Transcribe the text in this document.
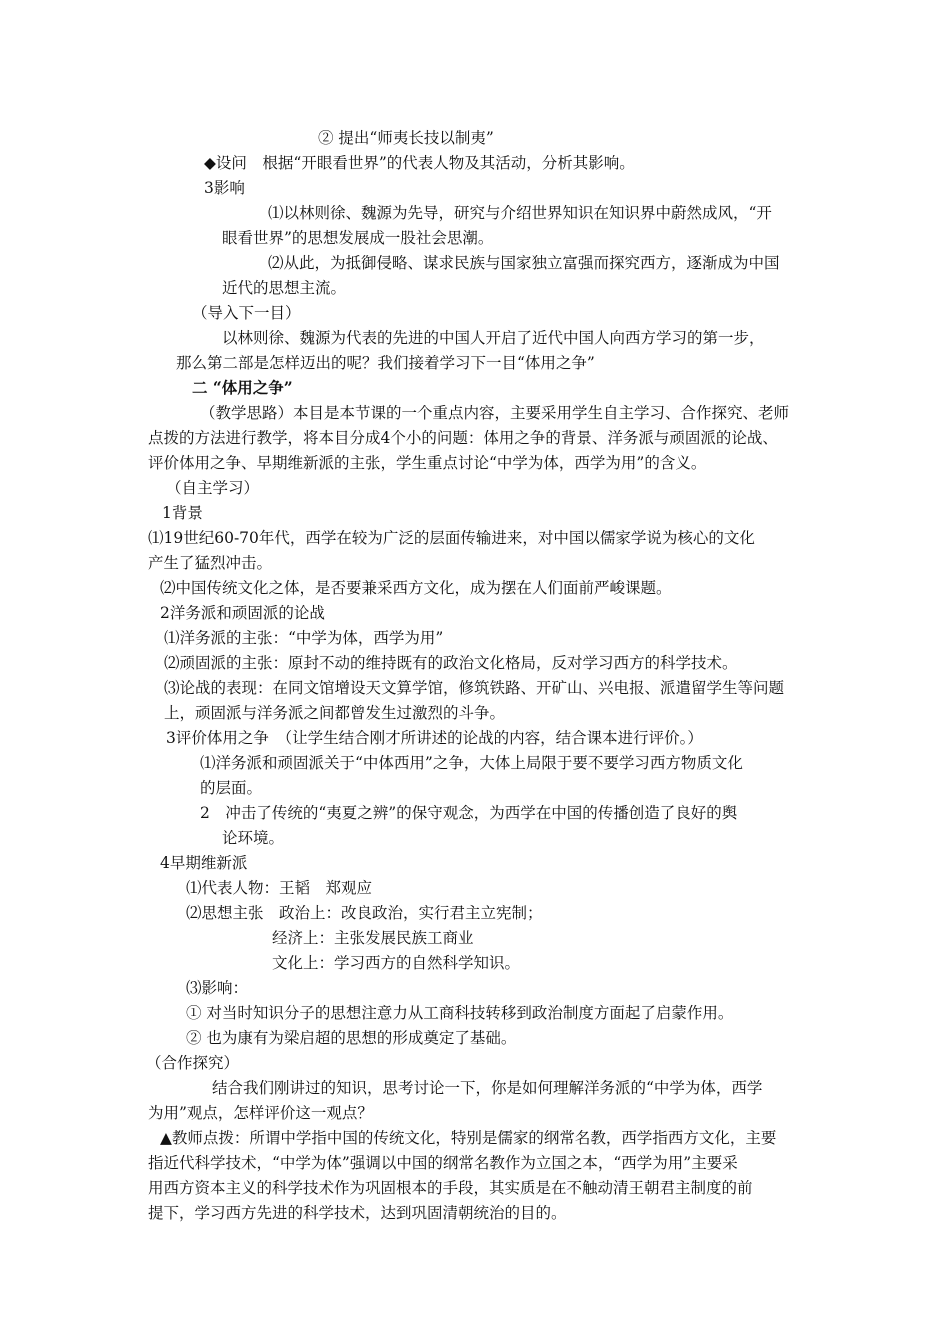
② 提出“师夷长技以制夷”
◆设问　根据“开眼看世界”的代表人物及其活动，分析其影响。
3影响
⑴以林则徐、魏源为先导，研究与介绍世界知识在知识界中蔚然成风，“开
眼看世界”的思想发展成一股社会思潮。
⑵从此，为抵御侵略、谋求民族与国家独立富强而探究西方，逐渐成为中国
近代的思想主流。
（导入下一目）
以林则徐、魏源为代表的先进的中国人开启了近代中国人向西方学习的第一步，
那么第二部是怎样迈出的呢？我们接着学习下一目“体用之争”
二 “体用之争”
（教学思路）本目是本节课的一个重点内容，主要采用学生自主学习、合作探究、老师
点拨的方法进行教学，将本目分成4个小的问题：体用之争的背景、洋务派与顽固派的论战、
评价体用之争、早期维新派的主张，学生重点讨论“中学为体，西学为用”的含义。
（自主学习）
1背景
⑴19世纪60-70年代，西学在较为广泛的层面传输进来，对中国以儒家学说为核心的文化
产生了猛烈冲击。
⑵中国传统文化之体，是否要兼采西方文化，成为摆在人们面前严峻课题。
2洋务派和顽固派的论战
⑴洋务派的主张：“中学为体，西学为用”
⑵顽固派的主张：原封不动的维持既有的政治文化格局，反对学习西方的科学技术。
⑶论战的表现：在同文馆增设天文算学馆，修筑铁路、开矿山、兴电报、派遣留学生等问题
上，顽固派与洋务派之间都曾发生过激烈的斗争。
3评价体用之争　（让学生结合刚才所讲述的论战的内容，结合课本进行评价。）
⑴洋务派和顽固派关于“中体西用”之争，大体上局限于要不要学习西方物质文化
的层面。
2　冲击了传统的“夷夏之辨”的保守观念，为西学在中国的传播创造了良好的舆
论环境。
4早期维新派
⑴代表人物：王韬　郑观应
⑵思想主张　政治上：改良政治，实行君主立宪制；
经济上：主张发展民族工商业
文化上：学习西方的自然科学知识。
⑶影响：
① 对当时知识分子的思想注意力从工商科技转移到政治制度方面起了启蒙作用。
② 也为康有为梁启超的思想的形成奠定了基础。
（合作探究）
结合我们刚讲过的知识，思考讨论一下，你是如何理解洋务派的“中学为体，西学
为用”观点，怎样评价这一观点？
▲教师点拨：所谓中学指中国的传统文化，特别是儒家的纲常名教，西学指西方文化，主要
指近代科学技术，“中学为体”强调以中国的纲常名教作为立国之本，“西学为用”主要采
用西方资本主义的科学技术作为巩固根本的手段，其实质是在不触动清王朝君主制度的前
提下，学习西方先进的科学技术，达到巩固清朝统治的目的。
